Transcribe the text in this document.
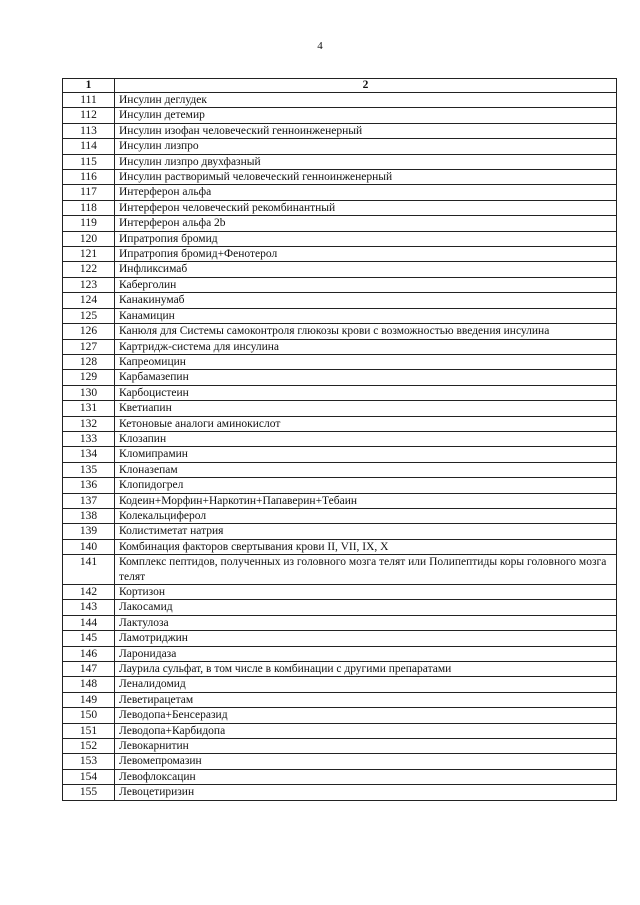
4
1	2
111	Инсулин деглудек
112	Инсулин детемир
113	Инсулин изофан человеческий генноинженерный
114	Инсулин лизпро
115	Инсулин лизпро двухфазный
116	Инсулин растворимый человеческий генноинженерный
117	Интерферон альфа
118	Интерферон человеческий рекомбинантный
119	Интерферон альфа 2b
120	Ипратропия бромид
121	Ипратропия бромид+Фенотерол
122	Инфликсимаб
123	Каберголин
124	Канакинумаб
125	Канамицин
126	Канюля для Системы самоконтроля глюкозы крови с возможностью введения инсулина
127	Картридж-система для инсулина
128	Капреомицин
129	Карбамазепин
130	Карбоцистеин
131	Кветиапин
132	Кетоновые аналоги аминокислот
133	Клозапин
134	Кломипрамин
135	Клоназепам
136	Клопидогрел
137	Кодеин+Морфин+Наркотин+Папаверин+Тебаин
138	Колекальциферол
139	Колистиметат натрия
140	Комбинация факторов свертывания крови II, VII, IX, X
141	Комплекс пептидов, полученных из головного мозга телят или Полипептиды коры головного мозга телят
142	Кортизон
143	Лакосамид
144	Лактулоза
145	Ламотриджин
146	Ларонидаза
147	Лаурила сульфат, в том числе в комбинации с другими препаратами
148	Леналидомид
149	Леветирацетам
150	Леводопа+Бенсеразид
151	Леводопа+Карбидопа
152	Левокарнитин
153	Левомепромазин
154	Левофлоксацин
155	Левоцетиризин
